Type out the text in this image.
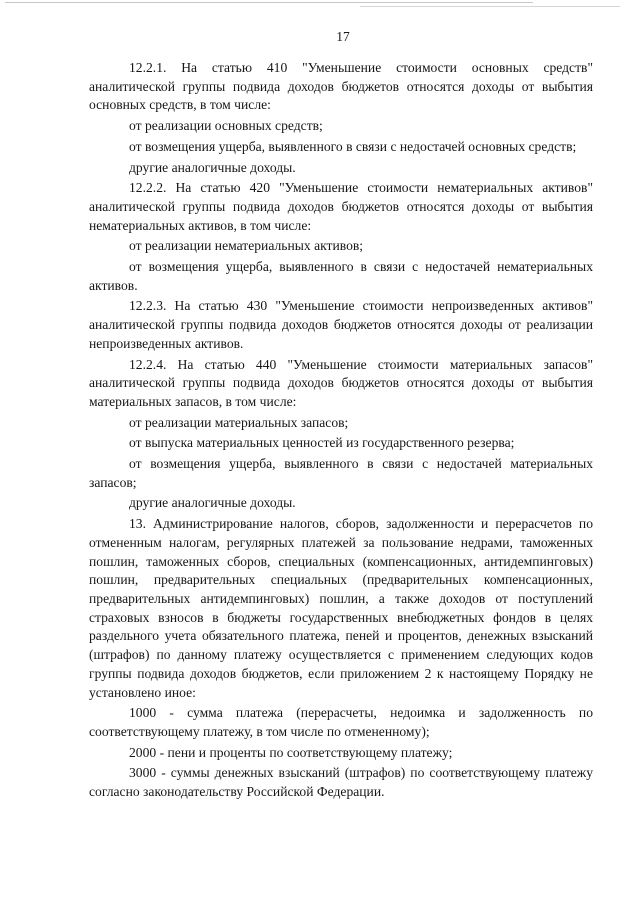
17

12.2.1. На статью 410 "Уменьшение стоимости основных средств" аналитической группы подвида доходов бюджетов относятся доходы от выбытия основных средств, в том числе:

от реализации основных средств;

от возмещения ущерба, выявленного в связи с недостачей основных средств;

другие аналогичные доходы.

12.2.2. На статью 420 "Уменьшение стоимости нематериальных активов" аналитической группы подвида доходов бюджетов относятся доходы от выбытия нематериальных активов, в том числе:

от реализации нематериальных активов;

от возмещения ущерба, выявленного в связи с недостачей нематериальных активов.

12.2.3. На статью 430 "Уменьшение стоимости непроизведенных активов" аналитической группы подвида доходов бюджетов относятся доходы от реализации непроизведенных активов.

12.2.4. На статью 440 "Уменьшение стоимости материальных запасов" аналитической группы подвида доходов бюджетов относятся доходы от выбытия материальных запасов, в том числе:

от реализации материальных запасов;

от выпуска материальных ценностей из государственного резерва;

от возмещения ущерба, выявленного в связи с недостачей материальных запасов;

другие аналогичные доходы.

13. Администрирование налогов, сборов, задолженности и перерасчетов по отмененным налогам, регулярных платежей за пользование недрами, таможенных пошлин, таможенных сборов, специальных (компенсационных, антидемпинговых) пошлин, предварительных специальных (предварительных компенсационных, предварительных антидемпинговых) пошлин, а также доходов от поступлений страховых взносов в бюджеты государственных внебюджетных фондов в целях раздельного учета обязательного платежа, пеней и процентов, денежных взысканий (штрафов) по данному платежу осуществляется с применением следующих кодов группы подвида доходов бюджетов, если приложением 2 к настоящему Порядку не установлено иное:

1000 - сумма платежа (перерасчеты, недоимка и задолженность по соответствующему платежу, в том числе по отмененному);

2000 - пени и проценты по соответствующему платежу;

3000 - суммы денежных взысканий (штрафов) по соответствующему платежу согласно законодательству Российской Федерации.
